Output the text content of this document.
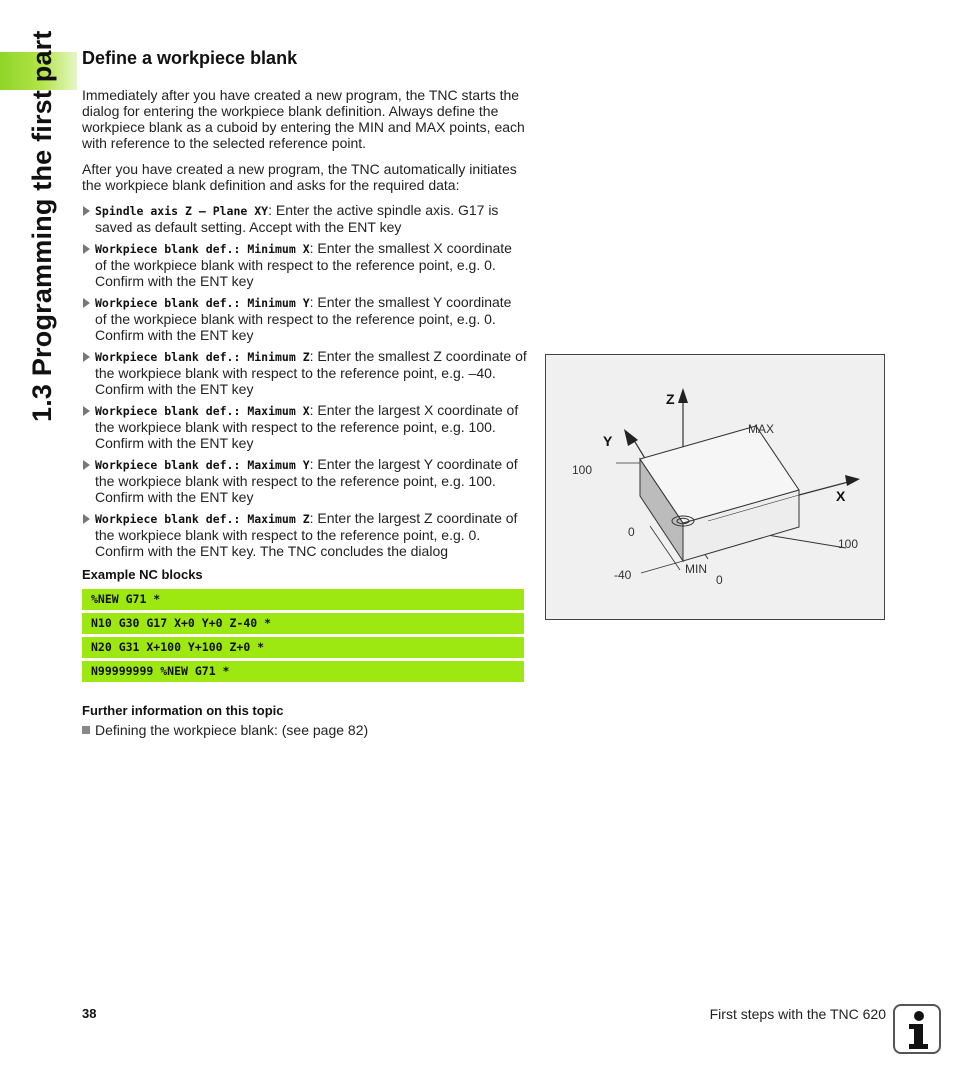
1.3 Programming the first part Define a workpiece blank

Immediately after you have created a new program, the TNC starts the dialog for entering the workpiece blank definition. Always define the workpiece blank as a cuboid by entering the MIN and MAX points, each with reference to the selected reference point.

After you have created a new program, the TNC automatically initiates the workpiece blank definition and asks for the required data:

Spindle axis Z – Plane XY: Enter the active spindle axis. G17 is saved as default setting. Accept with the ENT key
Workpiece blank def.: Minimum X: Enter the smallest X coordinate of the workpiece blank with respect to the reference point, e.g. 0. Confirm with the ENT key
Workpiece blank def.: Minimum Y: Enter the smallest Y coordinate of the workpiece blank with respect to the reference point, e.g. 0. Confirm with the ENT key
Workpiece blank def.: Minimum Z: Enter the smallest Z coordinate of the workpiece blank with respect to the reference point, e.g. –40. Confirm with the ENT key
Workpiece blank def.: Maximum X: Enter the largest X coordinate of the workpiece blank with respect to the reference point, e.g. 100. Confirm with the ENT key
Workpiece blank def.: Maximum Y: Enter the largest Y coordinate of the workpiece blank with respect to the reference point, e.g. 100. Confirm with the ENT key
Workpiece blank def.: Maximum Z: Enter the largest Z coordinate of the workpiece blank with respect to the reference point, e.g. 0. Confirm with the ENT key. The TNC concludes the dialog

Example NC blocks

%NEW G71 *
N10 G30 G17 X+0 Y+0 Z-40 *
N20 G31 X+100 Y+100 Z+0 *
N99999999 %NEW G71 *

Further information on this topic

Defining the workpiece blank: (see page 82)
Z
Y
X
MAX
MIN
100
0
-40	0
100
38	First steps with the TNC 620
